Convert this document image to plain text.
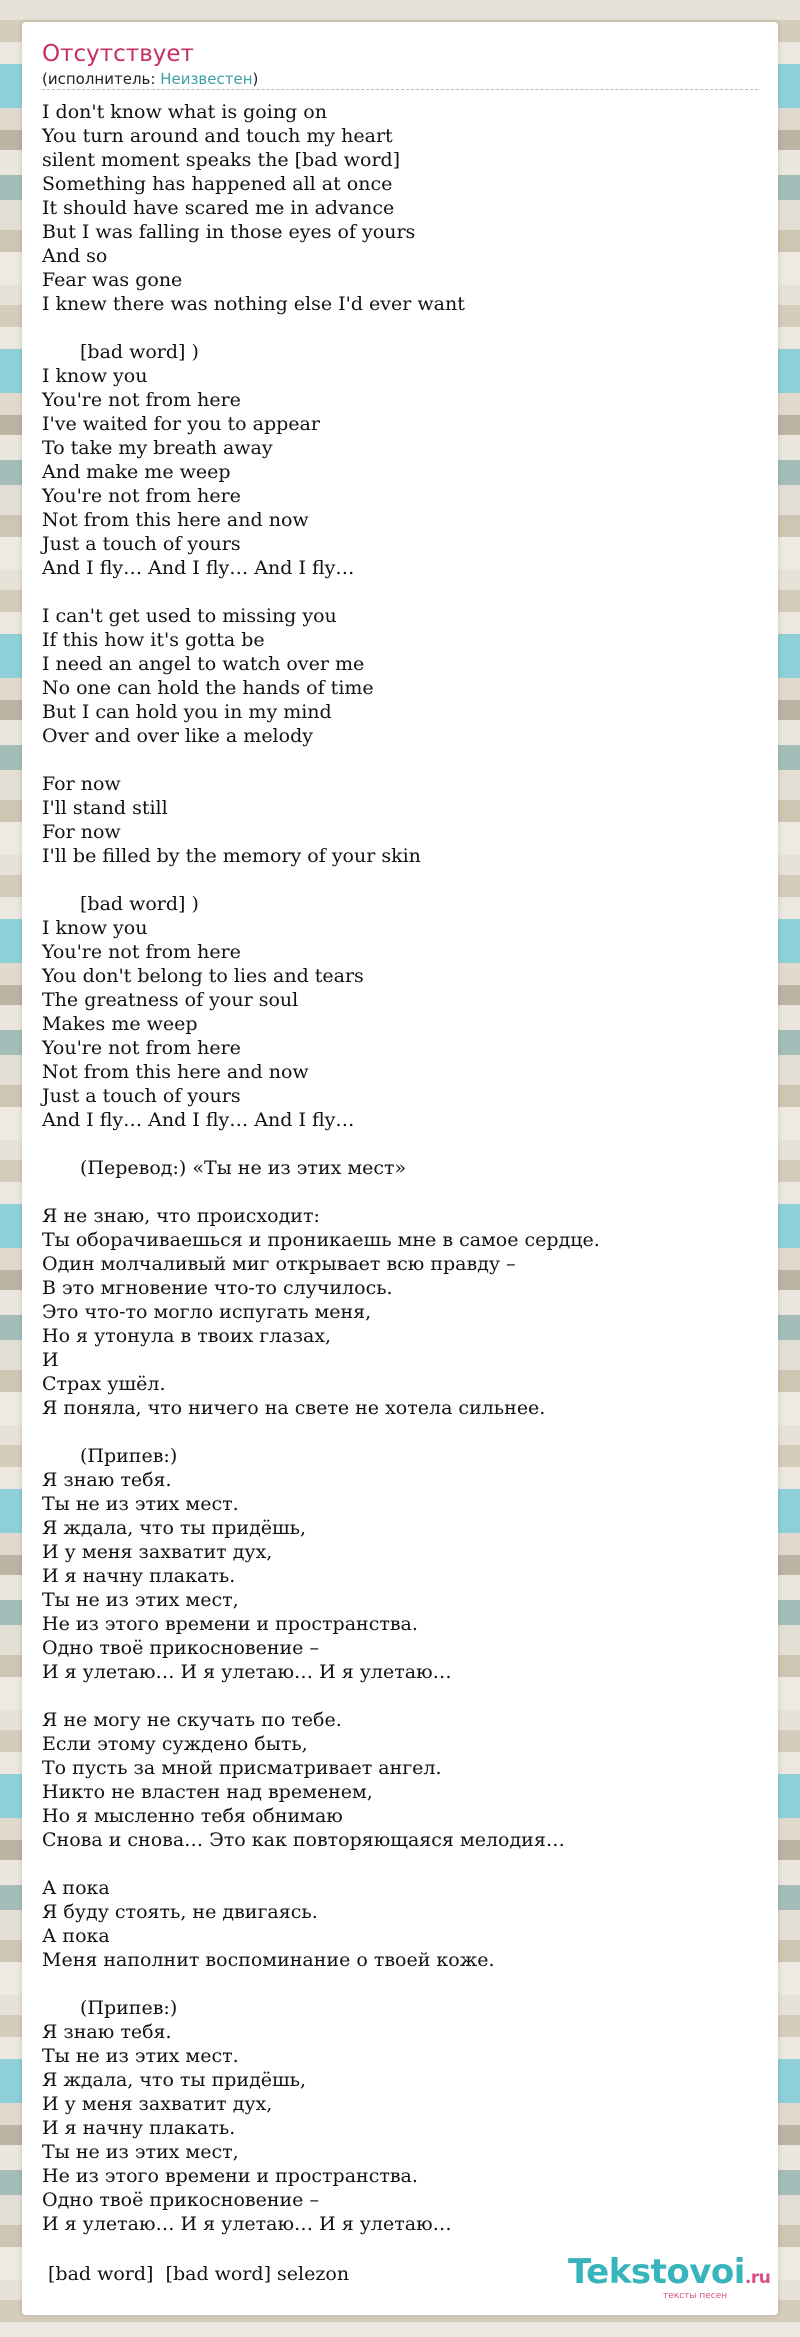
Отсутствует
(исполнитель: Неизвестен)
I don't know what is going on
You turn around and touch my heart
silent moment speaks the [bad word]
Something has happened all at once
It should have scared me in advance
But I was falling in those eyes of yours
And so
Fear was gone
I knew there was nothing else I'd ever want
[bad word] )
I know you
You're not from here
I've waited for you to appear
To take my breath away
And make me weep
You're not from here
Not from this here and now
Just a touch of yours
And I fly… And I fly… And I fly…
I can't get used to missing you
If this how it's gotta be
I need an angel to watch over me
No one can hold the hands of time
But I can hold you in my mind
Over and over like a melody
For now
I'll stand still
For now
I'll be filled by the memory of your skin
[bad word] )
I know you
You're not from here
You don't belong to lies and tears
The greatness of your soul
Makes me weep
You're not from here
Not from this here and now
Just a touch of yours
And I fly… And I fly… And I fly…
(Перевод:) «Ты не из этих мест»
Я не знаю, что происходит:
Ты оборачиваешься и проникаешь мне в самое сердце.
Один молчаливый миг открывает всю правду –
В это мгновение что-то случилось.
Это что-то могло испугать меня,
Но я утонула в твоих глазах,
И
Страх ушёл.
Я поняла, что ничего на свете не хотела сильнее.
(Припев:)
Я знаю тебя.
Ты не из этих мест.
Я ждала, что ты придёшь,
И у меня захватит дух,
И я начну плакать.
Ты не из этих мест,
Не из этого времени и пространства.
Одно твоё прикосновение –
И я улетаю… И я улетаю… И я улетаю…
Я не могу не скучать по тебе.
Если этому суждено быть,
То пусть за мной присматривает ангел.
Никто не властен над временем,
Но я мысленно тебя обнимаю
Снова и снова… Это как повторяющаяся мелодия…
А пока
Я буду стоять, не двигаясь.
А пока
Меня наполнит воспоминание о твоей коже.
(Припев:)
Я знаю тебя.
Ты не из этих мест.
Я ждала, что ты придёшь,
И у меня захватит дух,
И я начну плакать.
Ты не из этих мест,
Не из этого времени и пространства.
Одно твоё прикосновение –
И я улетаю… И я улетаю… И я улетаю…
[bad word]  [bad word] selezon	Tekstovoi.ru
тексты песен
